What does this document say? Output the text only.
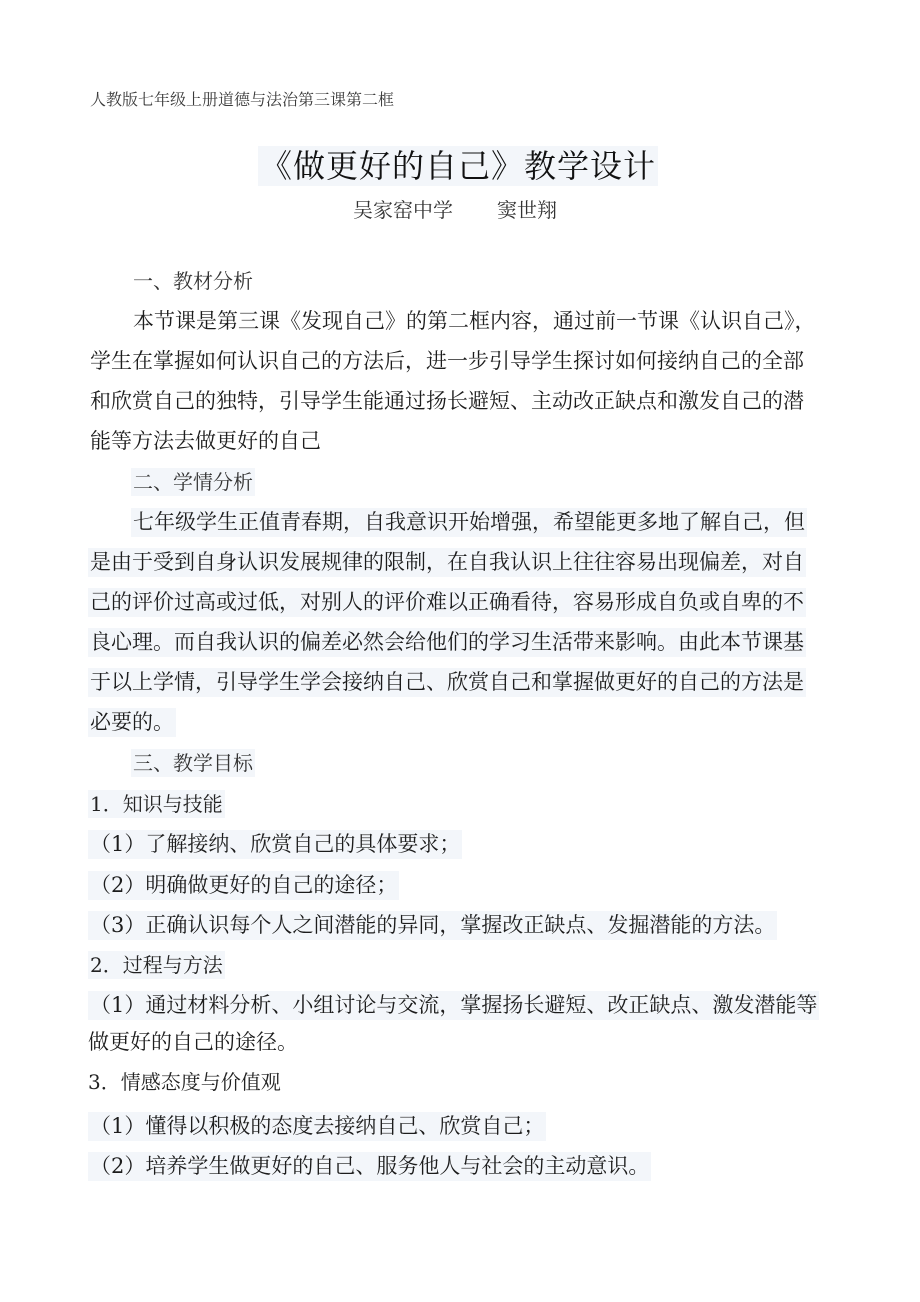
人教版七年级上册道德与法治第三课第二框
《做更好的自己》教学设计
吴家窑中学 窦世翔
一、教材分析
本节课是第三课《发现自己》的第二框内容，通过前一节课《认识自己》，
学生在掌握如何认识自己的方法后，进一步引导学生探讨如何接纳自己的全部
和欣赏自己的独特，引导学生能通过扬长避短、主动改正缺点和激发自己的潜
能等方法去做更好的自己
二、学情分析
七年级学生正值青春期，自我意识开始增强，希望能更多地了解自己，但
是由于受到自身认识发展规律的限制，在自我认识上往往容易出现偏差，对自
己的评价过高或过低，对别人的评价难以正确看待，容易形成自负或自卑的不
良心理。而自我认识的偏差必然会给他们的学习生活带来影响。由此本节课基
于以上学情，引导学生学会接纳自己、欣赏自己和掌握做更好的自己的方法是
必要的。
三、教学目标
1．知识与技能
（1）了解接纳、欣赏自己的具体要求；
（2）明确做更好的自己的途径；
（3）正确认识每个人之间潜能的异同，掌握改正缺点、发掘潜能的方法。
2．过程与方法
（1）通过材料分析、小组讨论与交流，掌握扬长避短、改正缺点、激发潜能等
做更好的自己的途径。
3．情感态度与价值观
（1）懂得以积极的态度去接纳自己、欣赏自己；
（2）培养学生做更好的自己、服务他人与社会的主动意识。
